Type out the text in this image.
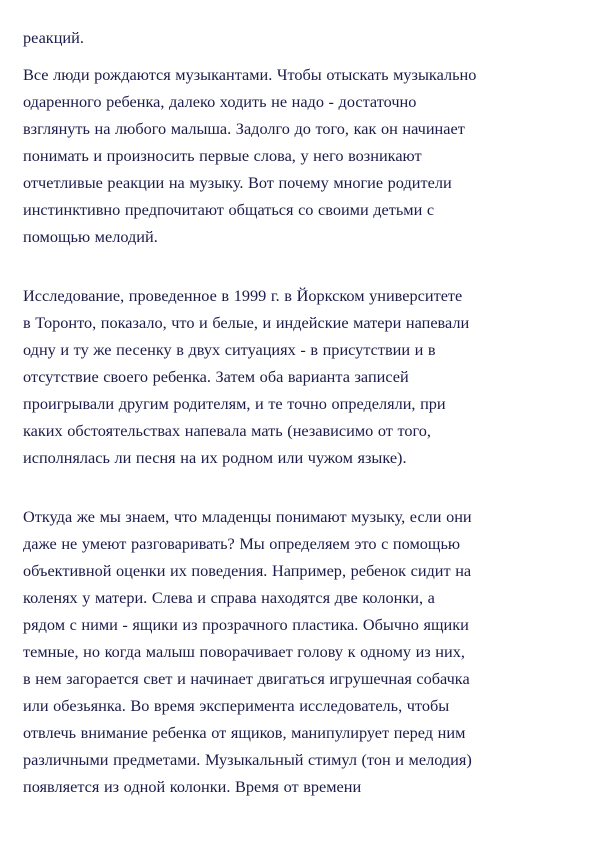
реакций.

Все люди рождаются музыкантами. Чтобы отыскать музыкально
одаренного ребенка, далеко ходить не надо - достаточно
взглянуть на любого малыша. Задолго до того, как он начинает
понимать и произносить первые слова, у него возникают
отчетливые реакции на музыку. Вот почему многие родители
инстинктивно предпочитают общаться со своими детьми с
помощью мелодий.

Исследование, проведенное в 1999 г. в Йоркском университете
в Торонто, показало, что и белые, и индейские матери напевали
одну и ту же песенку в двух ситуациях - в присутствии и в
отсутствие своего ребенка. Затем оба варианта записей
проигрывали другим родителям, и те точно определяли, при
каких обстоятельствах напевала мать (независимо от того,
исполнялась ли песня на их родном или чужом языке).

Откуда же мы знаем, что младенцы понимают музыку, если они
даже не умеют разговаривать? Мы определяем это с помощью
объективной оценки их поведения. Например, ребенок сидит на
коленях у матери. Слева и справа находятся две колонки, а
рядом с ними - ящики из прозрачного пластика. Обычно ящики
темные, но когда малыш поворачивает голову к одному из них,
в нем загорается свет и начинает двигаться игрушечная собачка
или обезьянка. Во время эксперимента исследователь, чтобы
отвлечь внимание ребенка от ящиков, манипулирует перед ним
различными предметами. Музыкальный стимул (тон и мелодия)
появляется из одной колонки. Время от времени
